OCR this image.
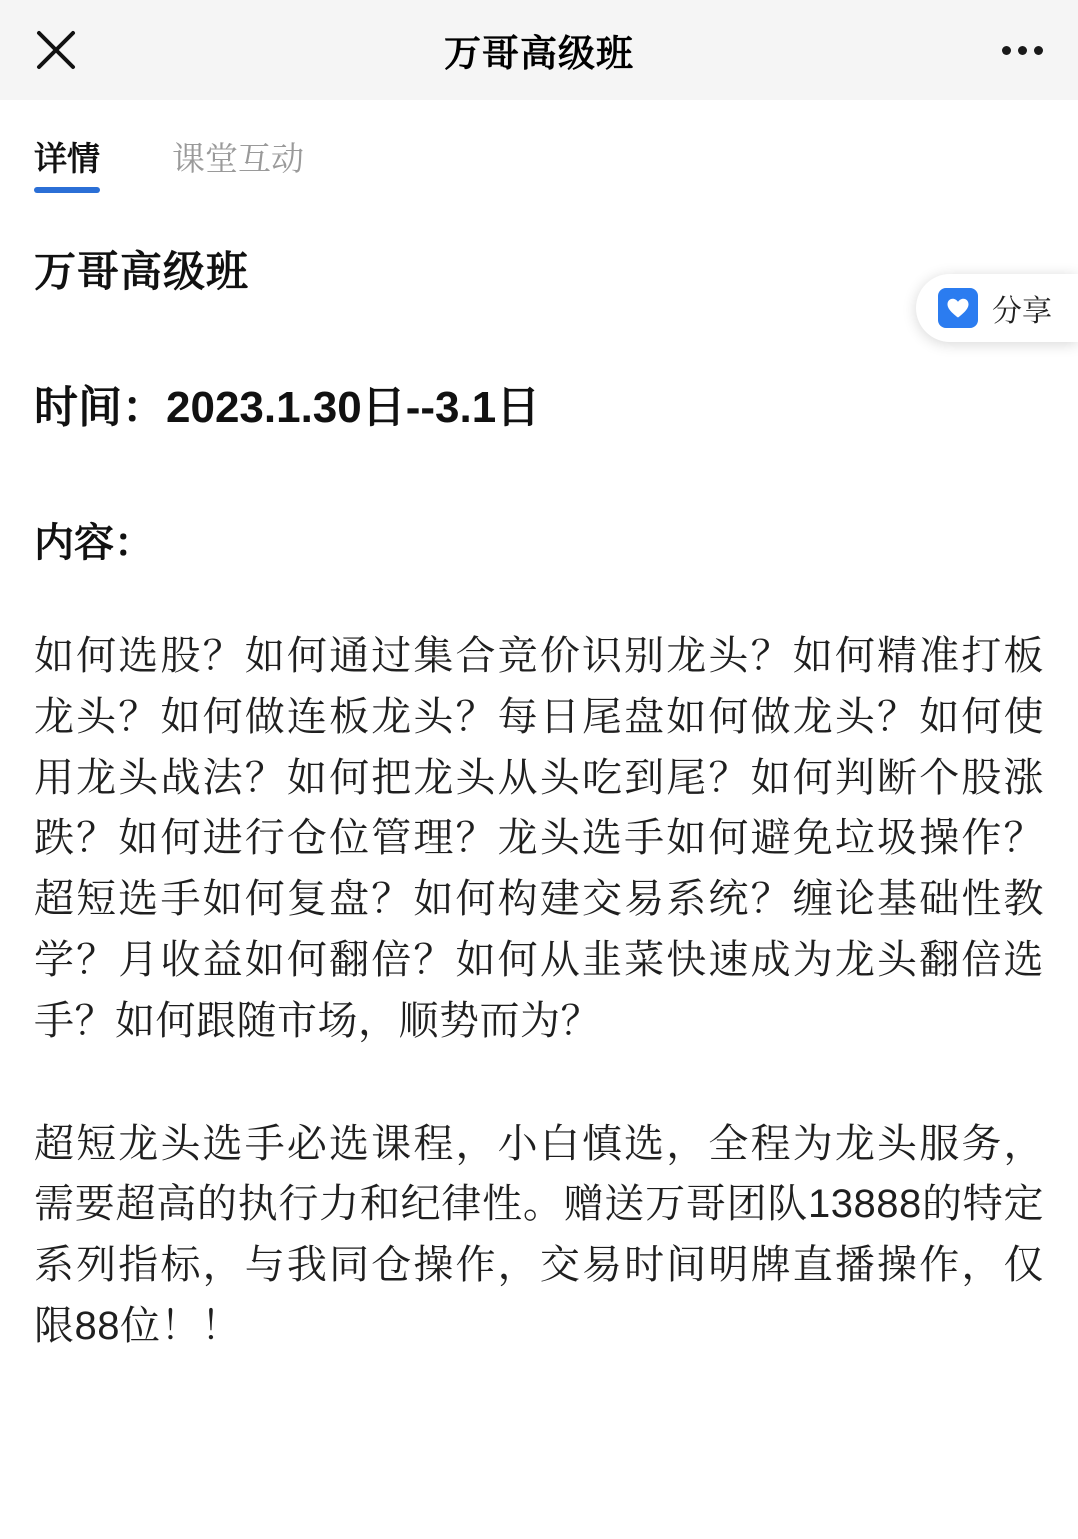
万哥高级班
详情 课堂互动
分享
万哥高级班
时间：2023.1.30日--3.1日
内容：

如何选股？如何通过集合竞价识别龙头？如何精准打板龙头？如何做连板龙头？每日尾盘如何做龙头？如何使用龙头战法？如何把龙头从头吃到尾？如何判断个股涨跌？如何进行仓位管理？龙头选手如何避免垃圾操作？超短选手如何复盘？如何构建交易系统？缠论基础性教学？月收益如何翻倍？如何从韭菜快速成为龙头翻倍选手？如何跟随市场，顺势而为？

超短龙头选手必选课程，小白慎选，全程为龙头服务，需要超高的执行力和纪律性。赠送万哥团队13888的特定系列指标，与我同仓操作，交易时间明牌直播操作，仅限88位！！
